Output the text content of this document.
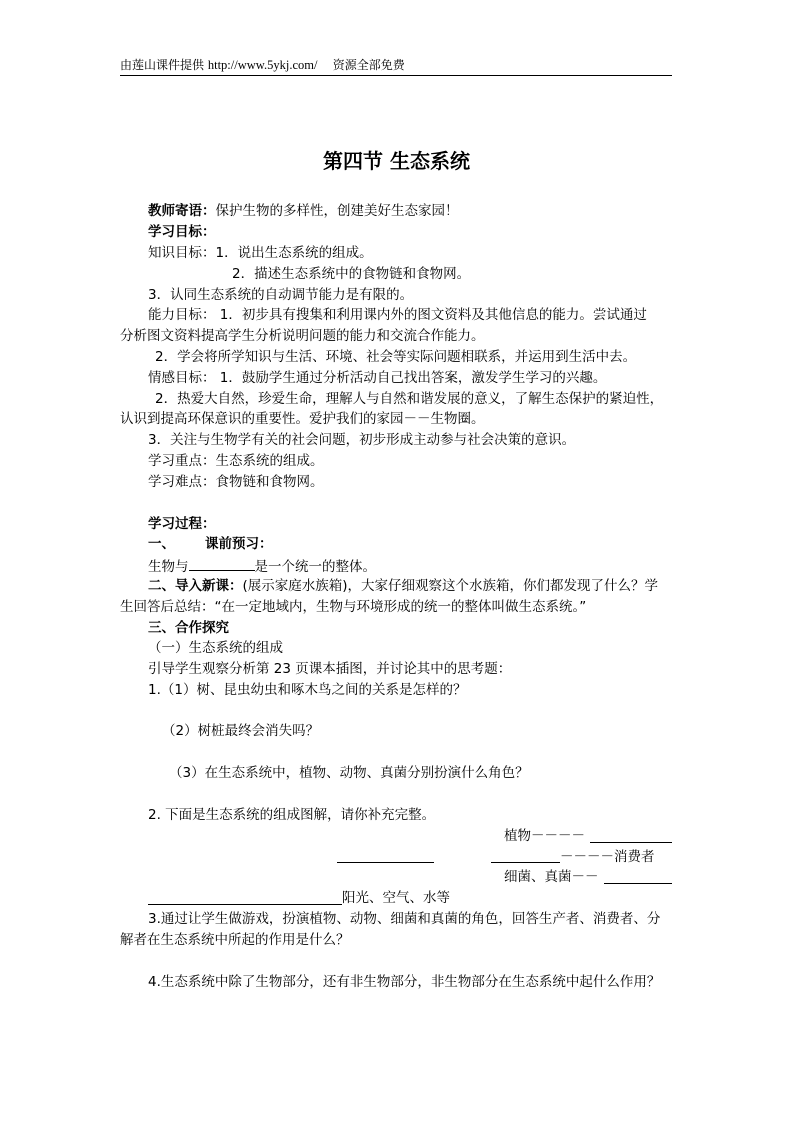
由莲山课件提供 http://www.5ykj.com/ 资源全部免费
第四节 生态系统
教师寄语：保护生物的多样性，创建美好生态家园！
学习目标：
知识目标：1．说出生态系统的组成。
2．描述生态系统中的食物链和食物网。
3．认同生态系统的自动调节能力是有限的。
能力目标： 1．初步具有搜集和利用课内外的图文资料及其他信息的能力。尝试通过
分析图文资料提高学生分析说明问题的能力和交流合作能力。
2．学会将所学知识与生活、环境、社会等实际问题相联系，并运用到生活中去。
情感目标： 1．鼓励学生通过分析活动自己找出答案，激发学生学习的兴趣。
2．热爱大自然，珍爱生命，理解人与自然和谐发展的意义，了解生态保护的紧迫性，
认识到提高环保意识的重要性。爱护我们的家园－－生物圈。
3．关注与生物学有关的社会问题，初步形成主动参与社会决策的意识。
学习重点：生态系统的组成。
学习难点：食物链和食物网。
学习过程：
一、 课前预习：
生物与	是一个统一的整体。
二、导入新课：(展示家庭水族箱)，大家仔细观察这个水族箱，你们都发现了什么？学
生回答后总结：“在一定地域内，生物与环境形成的统一的整体叫做生态系统。”
三、合作探究
（一）生态系统的组成
引导学生观察分析第 23 页课本插图，并讨论其中的思考题：
1.（1）树、昆虫幼虫和啄木鸟之间的关系是怎样的？
（2）树桩最终会消失吗？
（3）在生态系统中，植物、动物、真菌分别扮演什么角色？
2. 下面是生态系统的组成图解，请你补充完整。
植物－－－－
－－－－消费者
细菌、真菌－－
阳光、空气、水等
3.通过让学生做游戏，扮演植物、动物、细菌和真菌的角色，回答生产者、消费者、分
解者在生态系统中所起的作用是什么？
4.生态系统中除了生物部分，还有非生物部分，非生物部分在生态系统中起什么作用？
